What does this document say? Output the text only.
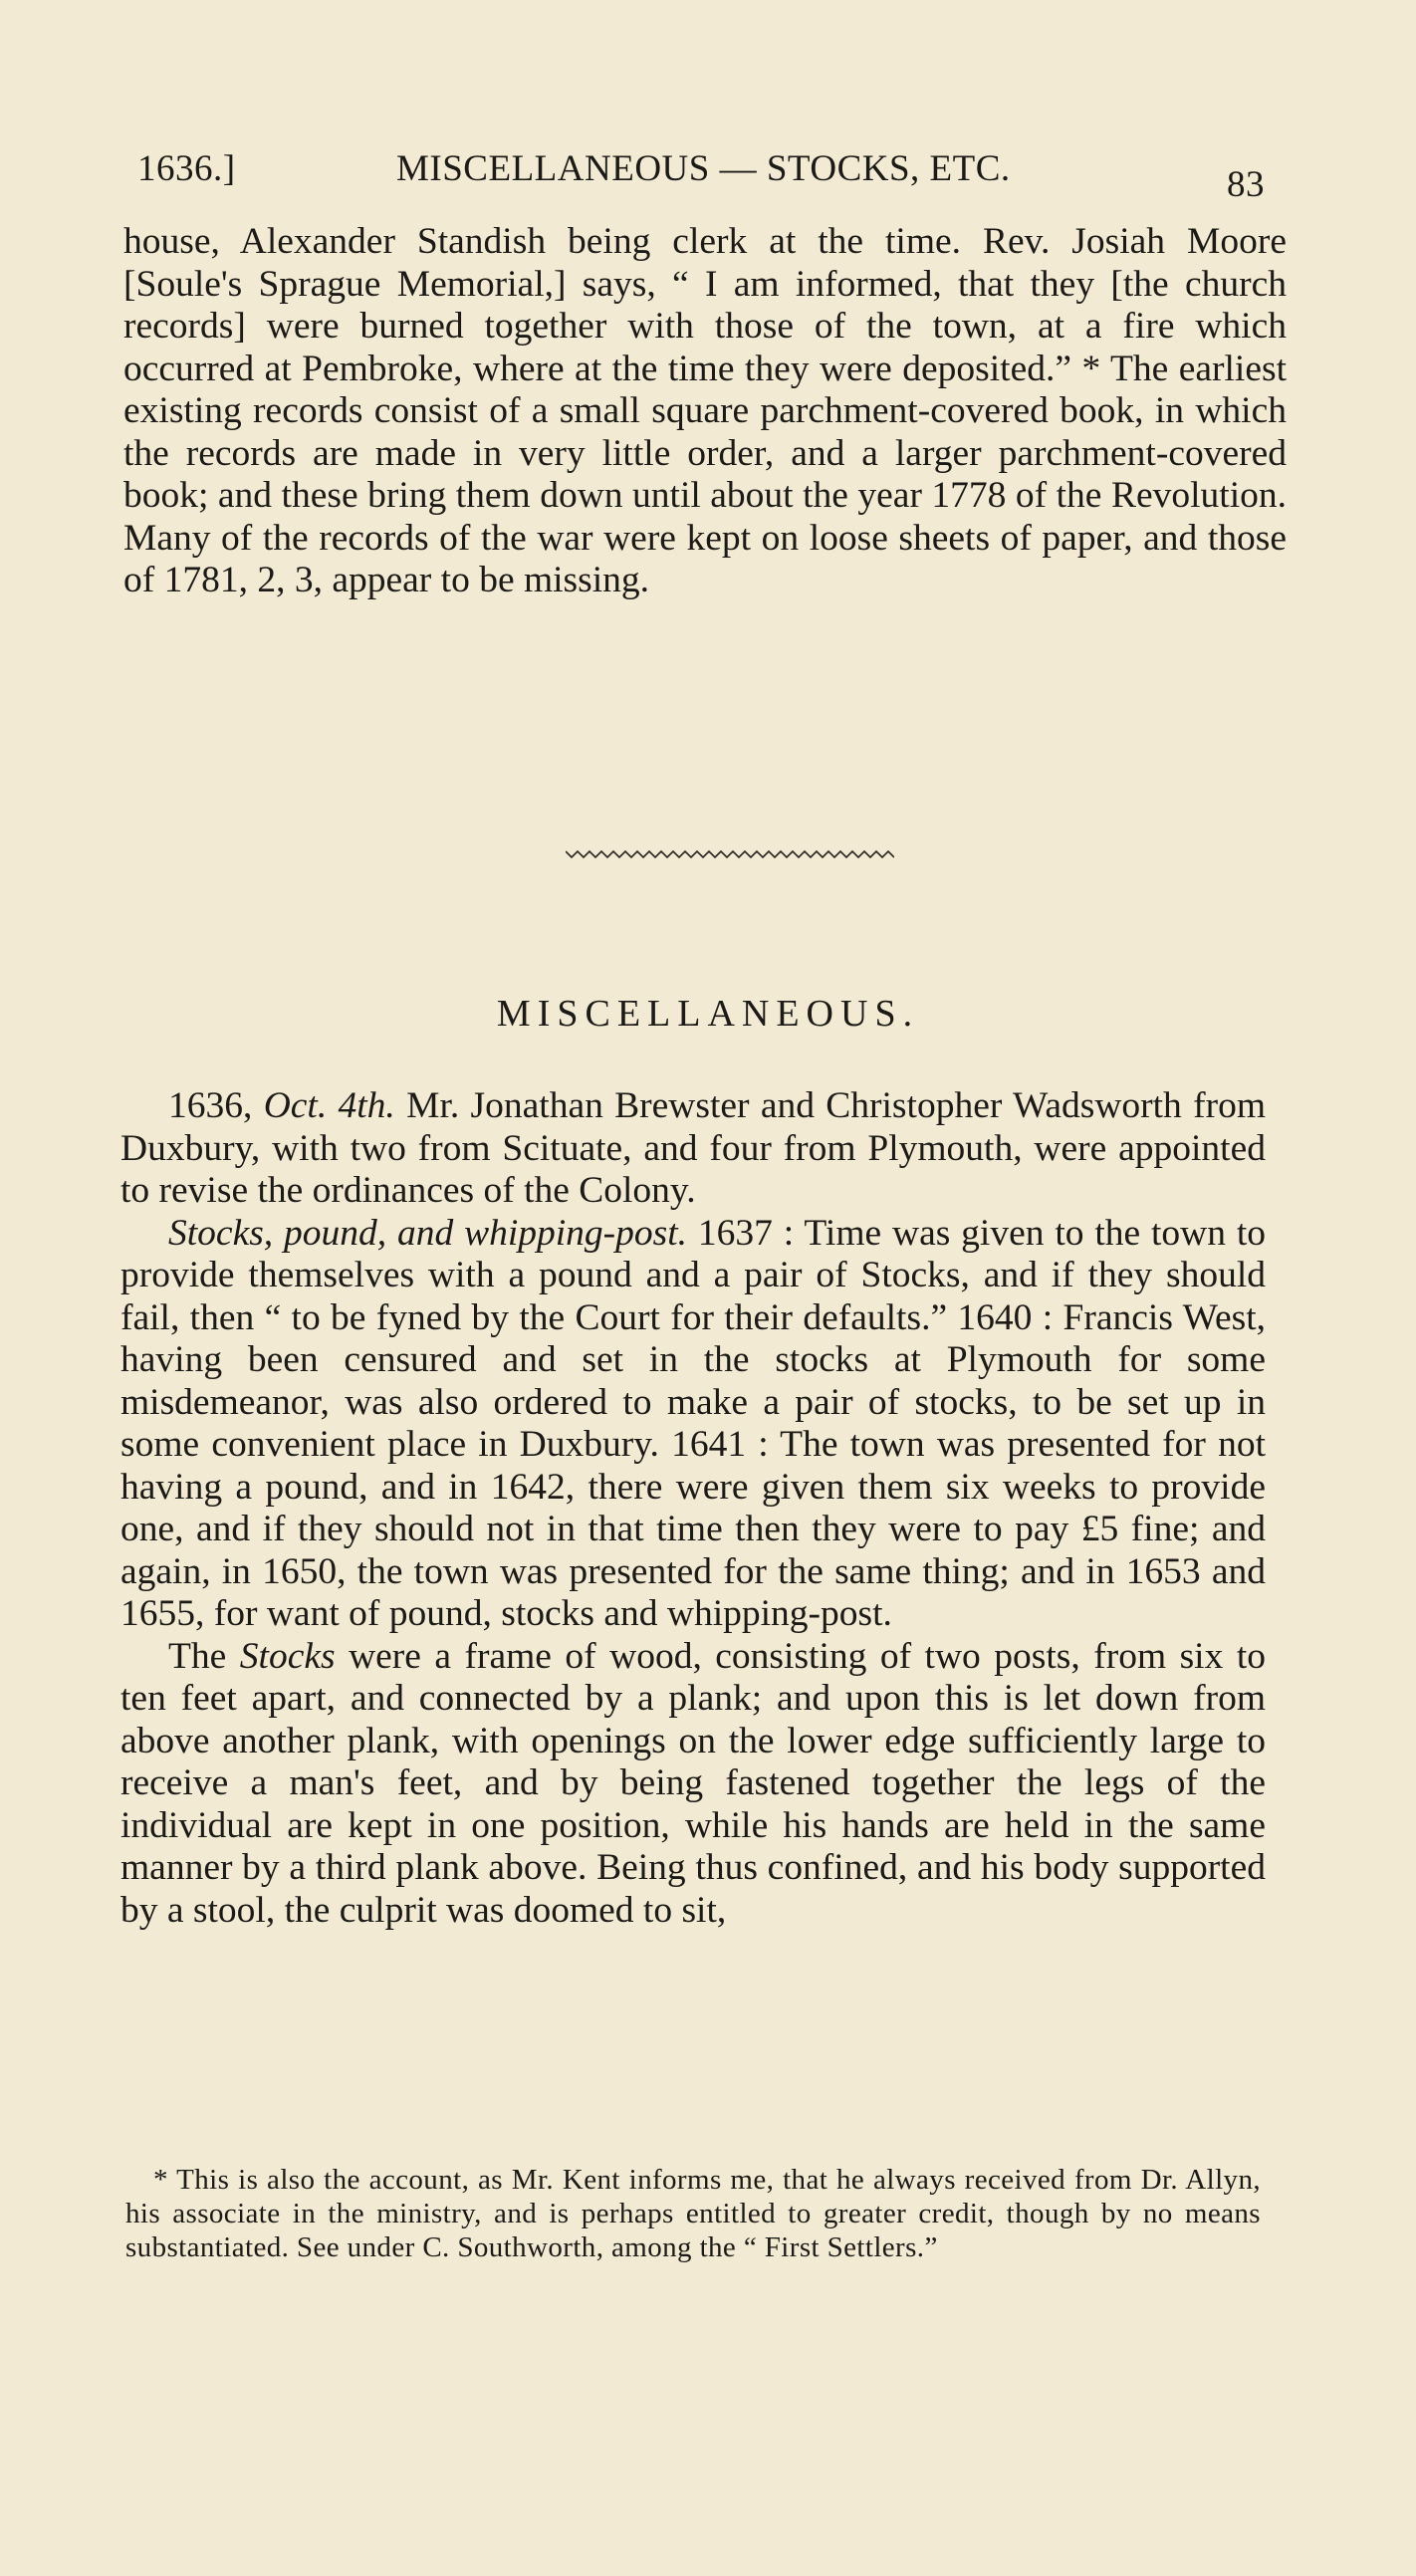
1636.]	MISCELLANEOUS — STOCKS, ETC.	83

house, Alexander Standish being clerk at the time. Rev. Josiah Moore [Soule's Sprague Memorial,] says, “ I am informed, that they [the church records] were burned together with those of the town, at a fire which occurred at Pembroke, where at the time they were deposited.” * The earliest existing records consist of a small square parchment-covered book, in which the records are made in very little order, and a larger parchment-covered book; and these bring them down until about the year 1778 of the Revolution. Many of the records of the war were kept on loose sheets of paper, and those of 1781, 2, 3, appear to be missing.

MISCELLANEOUS.

1636, Oct. 4th. Mr. Jonathan Brewster and Christopher Wadsworth from Duxbury, with two from Scituate, and four from Plymouth, were appointed to revise the ordinances of the Colony.

Stocks, pound, and whipping-post. 1637 : Time was given to the town to provide themselves with a pound and a pair of Stocks, and if they should fail, then “ to be fyned by the Court for their defaults.” 1640 : Francis West, having been censured and set in the stocks at Plymouth for some misdemeanor, was also ordered to make a pair of stocks, to be set up in some convenient place in Duxbury. 1641 : The town was presented for not having a pound, and in 1642, there were given them six weeks to provide one, and if they should not in that time then they were to pay £5 fine; and again, in 1650, the town was presented for the same thing; and in 1653 and 1655, for want of pound, stocks and whipping-post.

The Stocks were a frame of wood, consisting of two posts, from six to ten feet apart, and connected by a plank; and upon this is let down from above another plank, with openings on the lower edge sufficiently large to receive a man's feet, and by being fastened together the legs of the individual are kept in one position, while his hands are held in the same manner by a third plank above. Being thus confined, and his body supported by a stool, the culprit was doomed to sit,

* This is also the account, as Mr. Kent informs me, that he always received from Dr. Allyn, his associate in the ministry, and is perhaps entitled to greater credit, though by no means substantiated. See under C. Southworth, among the “ First Settlers.”
